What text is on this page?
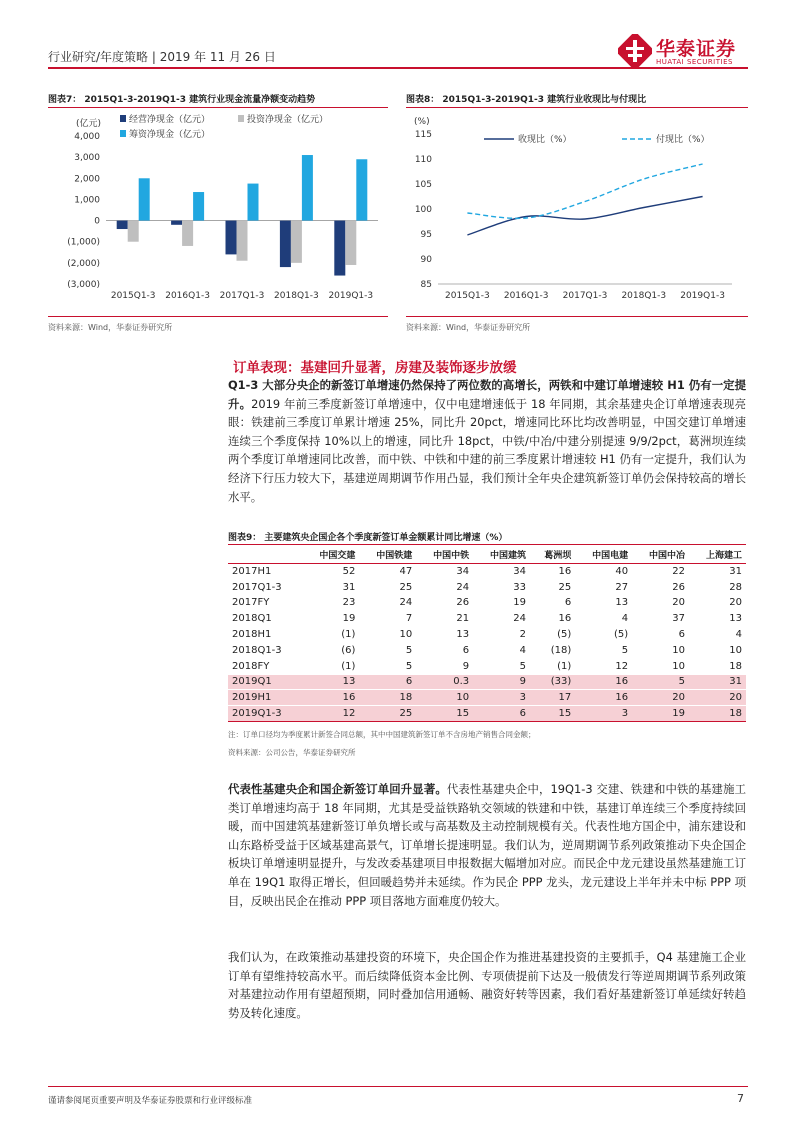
行业研究/年度策略 | 2019 年 11 月 26 日	华泰证券
HUATAI SECURITIES
图表7： 2015Q1-3-2019Q1-3 建筑行业现金流量净额变动趋势
(亿元)
4,000
3,000
2,000
1,000
0
(1,000)
(2,000)
(3,000)
2015Q1-3 2016Q1-3 2017Q1-3 2018Q1-3 2019Q1-3
经营净现金（亿元）	投资净现金（亿元）
筹资净现金（亿元）
资料来源：Wind，华泰证券研究所
图表8： 2015Q1-3-2019Q1-3 建筑行业收现比与付现比
(%)
115
110
105
100
95
90
85
2015Q1-3 2016Q1-3 2017Q1-3 2018Q1-3 2019Q1-3
收现比（%）	付现比（%）
资料来源：Wind，华泰证券研究所
订单表现：基建回升显著，房建及装饰逐步放缓
Q1-3 大部分央企的新签订单增速仍然保持了两位数的高增长，两铁和中建订单增速较 H1 仍有一定提升。2019 年前三季度新签订单增速中，仅中电建增速低于 18 年同期，其余基建央企订单增速表现亮眼：铁建前三季度订单累计增速 25%，同比升 20pct，增速同比环比均改善明显，中国交建订单增速连续三个季度保持 10%以上的增速，同比升 18pct，中铁/中冶/中建分别提速 9/9/2pct，葛洲坝连续两个季度订单增速同比改善，而中铁、中铁和中建的前三季度累计增速较 H1 仍有一定提升，我们认为经济下行压力较大下，基建逆周期调节作用凸显，我们预计全年央企建筑新签订单仍会保持较高的增长水平。
图表9： 主要建筑央企国企各个季度新签订单金额累计同比增速（%）
	中国交建	中国铁建	中国中铁	中国建筑	葛洲坝	中国电建	中国中冶	上海建工
2017H1	52	47	34	34	16	40	22	31
2017Q1-3	31	25	24	33	25	27	26	28
2017FY	23	24	26	19	6	13	20	20
2018Q1	19	7	21	24	16	4	37	13
2018H1	(1)	10	13	2	(5)	(5)	6	4
2018Q1-3	(6)	5	6	4	(18)	5	10	10
2018FY	(1)	5	9	5	(1)	12	10	18
2019Q1	13	6	0.3	9	(33)	16	5	31
2019H1	16	18	10	3	17	16	20	20
2019Q1-3	12	25	15	6	15	3	19	18
注：订单口径均为季度累计新签合同总额，其中中国建筑新签订单不含房地产销售合同金额；
资料来源：公司公告，华泰证券研究所
代表性基建央企和国企新签订单回升显著。代表性基建央企中，19Q1-3 交建、铁建和中铁的基建施工类订单增速均高于 18 年同期，尤其是受益铁路轨交领域的铁建和中铁，基建订单连续三个季度持续回暖，而中国建筑基建新签订单负增长或与高基数及主动控制规模有关。代表性地方国企中，浦东建设和山东路桥受益于区域基建高景气，订单增长提速明显。我们认为，逆周期调节系列政策推动下央企国企板块订单增速明显提升，与发改委基建项目申报数据大幅增加对应。而民企中龙元建设虽然基建施工订单在 19Q1 取得正增长，但回暖趋势并未延续。作为民企 PPP 龙头，龙元建设上半年并未中标 PPP 项目，反映出民企在推动 PPP 项目落地方面难度仍较大。
我们认为，在政策推动基建投资的环境下，央企国企作为推进基建投资的主要抓手，Q4 基建施工企业订单有望维持较高水平。而后续降低资本金比例、专项债提前下达及一般债发行等逆周期调节系列政策对基建拉动作用有望超预期，同时叠加信用通畅、融资好转等因素，我们看好基建新签订单延续好转趋势及转化速度。
谨请参阅尾页重要声明及华泰证券股票和行业评级标准	7
